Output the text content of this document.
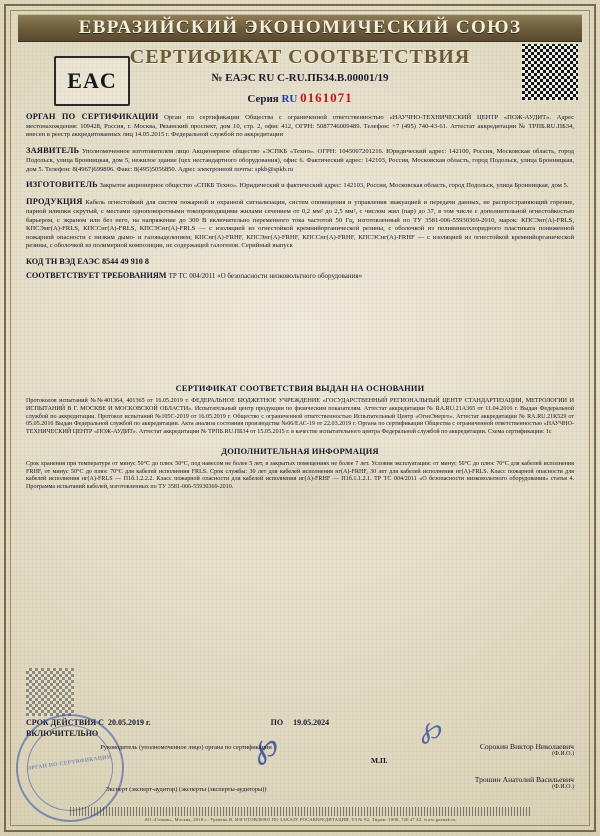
ЕВРАЗИЙСКИЙ ЭКОНОМИЧЕСКИЙ СОЮЗ
СЕРТИФИКАТ СООТВЕТСТВИЯ
ЕAC	№ ЕАЭС RU C-RU.ПБ34.В.00001/19
Серия RU 0161071
ОРГАН ПО СЕРТИФИКАЦИИ Орган по сертификации Общества с ограниченной ответственностью «НАУЧНО-ТЕХНИЧЕСКИЙ ЦЕНТР «ПОЖ-АУДИТ». Адрес местонахождения: 109428, Россия, г. Москва, Рязанский проспект, дом 10, стр. 2, офис 412, ОГРН: 5087746009489. Телефон: +7 (495) 740-43-61. Аттестат аккредитации № ТРПБ.RU.ПБ34, внесен в реестр аккредитованных лиц 14.05.2015 г. Федеральной службой по аккредитации
ЗАЯВИТЕЛЬ Уполномоченное изготовителем лицо Акционерное общество «ЭСПКБ «Техно». ОГРН: 1045007201216. Юридический адрес: 142100, Россия, Московская область, город Подольск, улица Бронницкая, дом 5, нежилое здание (цех нестандартного оборудования), офис 6. Фактический адрес: 142103, Россия, Московская область, город Подольск, улица Бронницкая, дом 5. Телефон: 8(4967)699896. Факс: 8(495)5056850. Адрес электронной почты: spkb@spkb.ru
ИЗГОТОВИТЕЛЬ Закрытое акционерное общество «СПКБ Техно». Юридический и фактический адрес: 142103, Россия, Московская область, город Подольск, улица Бронницкая, дом 5.
ПРОДУКЦИЯ Кабель огнестойкий для систем пожарной и охранной сигнализации, систем оповещения и управления эвакуацией и передачи данных, не распространяющий горение, парной илиınки скрутый, с местами одноповоротными токопроводящими жилами сечением от 0,2 мм² до 2,5 мм², с числом жил (пар) до 37, в том числе с дополнительной огнестойкостью барьером, с экраном или без него, на напряжение до 300 В включительно переменного тока частотой 50 Гц, изготовленный по ТУ 3581-006-55930369-2010, марок: КПСЭнг(A)-FRLS, КПСЭмг(A)-FRLS, КПСCнг(A)-FRLS, КПСЭCнг(A)-FRLS — с изоляцией из огнестойкой кремнийорганической резины, с оболочкой из поливинилхлоридного пластиката пониженной пожарной опасности с низким дымо- и газовыделением; КПСнг(A)-FRHF, КПСЭнг(A)-FRHF, КПСCнг(A)-FRHF, КПСЭCнг(A)-FRHF — с изоляцией из огнестойкой кремнийорганической резины, с оболочкой из полимерной композиции, не содержащей галогенов. Серийный выпуск
КОД ТН ВЭД ЕАЭС 8544 49 910 8
СООТВЕТСТВУЕТ ТРЕБОВАНИЯМ ТР ТС 004/2011 «О безопасности низковольтного оборудования»
СЕРТИФИКАТ СООТВЕТСТВИЯ ВЫДАН НА ОСНОВАНИИ
Протоколов испытаний №№401364, 401365 от 16.05.2019 г. ФЕДЕРАЛЬНОЕ БЮДЖЕТНОЕ УЧРЕЖДЕНИЕ «ГОСУДАРСТВЕННЫЙ РЕГИОНАЛЬНЫЙ ЦЕНТР СТАНДАРТИЗАЦИИ, МЕТРОЛОГИИ И ИСПЫТАНИЙ В Г. МОСКВЕ И МОСКОВСКОЙ ОБЛАСТИ». Испытательный центр продукции по физическим показателям. Аттестат аккредитации № RA.RU.21A365 от 11.04.2016 г. Выдан Федеральной службой по аккредитации. Протокол испытаний №105С-2019 от 16.05.2019 г. Общество с ограниченной ответственностью Испытательный Центр «ОгнеЭнерго». Аттестат аккредитации № RA.RU.21К529 от 05.05.2016 Выдан Федеральной службой по аккредитации. Акта анализа состояния производства №06/ЕАС-19 от 22.03.2019 г. Органа по сертификации Общества с ограниченной ответственностью «НАУЧНО-ТЕХНИЧЕСКИЙ ЦЕНТР «ПОЖ-АУДИТ». Аттестат аккредитации № ТРПБ.RU.ПБ34 от 15.05.2015 г. в качестве испытательного центра Федеральной службой по аккредитации. Схема сертификации: 1с
ДОПОЛНИТЕЛЬНАЯ ИНФОРМАЦИЯ
Срок хранения при температуре от минус 50°С до плюс 50°С, под навесом не более 5 лет, в закрытых помещениях не более 7 лет. Условия эксплуатации: от минус 50°С до плюс 70°С для кабелей исполнения FRHF, от минус 50°С до плюс 70°С для кабелей исполнения FRLS. Срок службы: 30 лет для кабелей исполнения нг(A)-FRHF, 30 лет для кабелей исполнения нг(A)-FRLS. Класс пожарной опасности для кабелей исполнения нг(A)-FRLS — П1б.1.2.2.2. Класс пожарной опасности для кабелей исполнения нг(A)-FRHF — П1б.1.1.2.1. ТР ТС 004/2011 «О безопасности низковольтного оборудования» статья 4. Программа испытаний кабелей, изготовленных по ТУ 3581-006-55930369-2010.
СРОК ДЕЙСТВИЯ С 20.05.2019 г.	ПО 19.05.2024
ВКЛЮЧИТЕЛЬНО
ОРГАН ПО СЕРТИФИКАЦИИ	℘	℘
Руководитель (уполномоченное лицо) органа по сертификации
М.П.
Сорокин Виктор Николаевич
(Ф.И.О.)
Трошин Анатолий Васильевич
(Ф.И.О.)
Эксперт (эксперт-аудитор) (эксперты (эксперты-аудиторы))
АО «Гознак», Москва, 2018 г., Уровень В, ИЗГОТОВЛЕНО ПО ЗАКАЗУ РОСАККРЕДИТАЦИИ, ТЗ № 82, Тираж: 1000, 726 47 42, www.goznak.ru
